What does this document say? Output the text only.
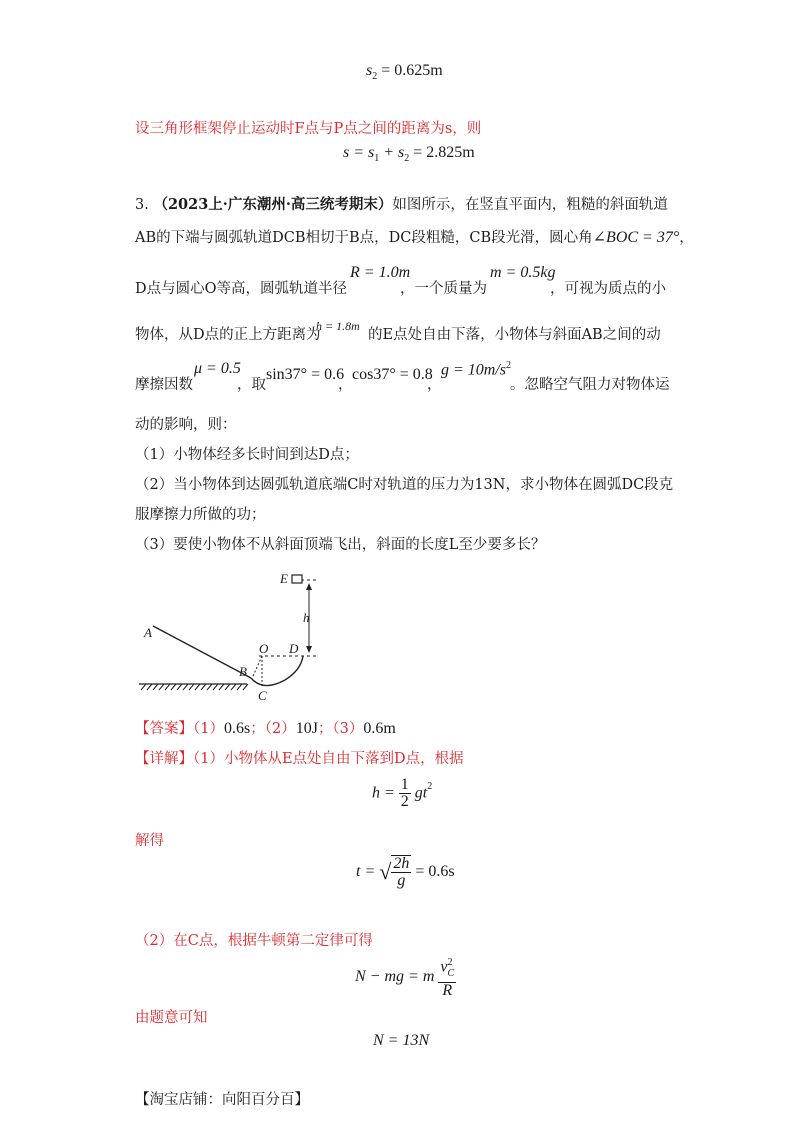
$s_2 = 0.625m$
设三角形框架停止运动时F点与P点之间的距离为s，则
$s = s_1 + s_2 = 2.825m$
3. （2023上·广东潮州·高三统考期末）如图所示，在竖直平面内，粗糙的斜面轨道
AB的下端与圆弧轨道DCB相切于B点，DC段粗糙，CB段光滑，圆心角∠BOC = 37°，
D点与圆心O等高，圆弧轨道半径
R = 1.0m
，一个质量为
m = 0.5kg
，可视为质点的小
物体，从D点的正上方距离为
h = 1.8m
的E点处自由下落，小物体与斜面AB之间的动
摩擦因数
μ = 0.5
，取
sin37° = 0.6
，
cos37° = 0.8
，
$g = 10m/s^2$
。忽略空气阻力对物体运
动的影响，则：
（1）小物体经多长时间到达D点；
（2）当小物体到达圆弧轨道底端C时对轨道的压力为13N，求小物体在圆弧DC段克
服摩擦力所做的功；
（3）要使小物体不从斜面顶端飞出，斜面的长度L至少要多长？
E
h
A
O D
B
C
【答案】（1）0.6s；（2）10J；（3）0.6m
【详解】（1）小物体从E点处自由下落到D点，根据
$h = \frac{1}{2} gt^2$
解得
t = √ $\frac{2h}{g} = 0.6s$
（2）在C点，根据牛顿第二定律可得
N − mg = m $\frac{v^2_C}{R}$
由题意可知
N = 13N
【淘宝店铺：向阳百分百】
